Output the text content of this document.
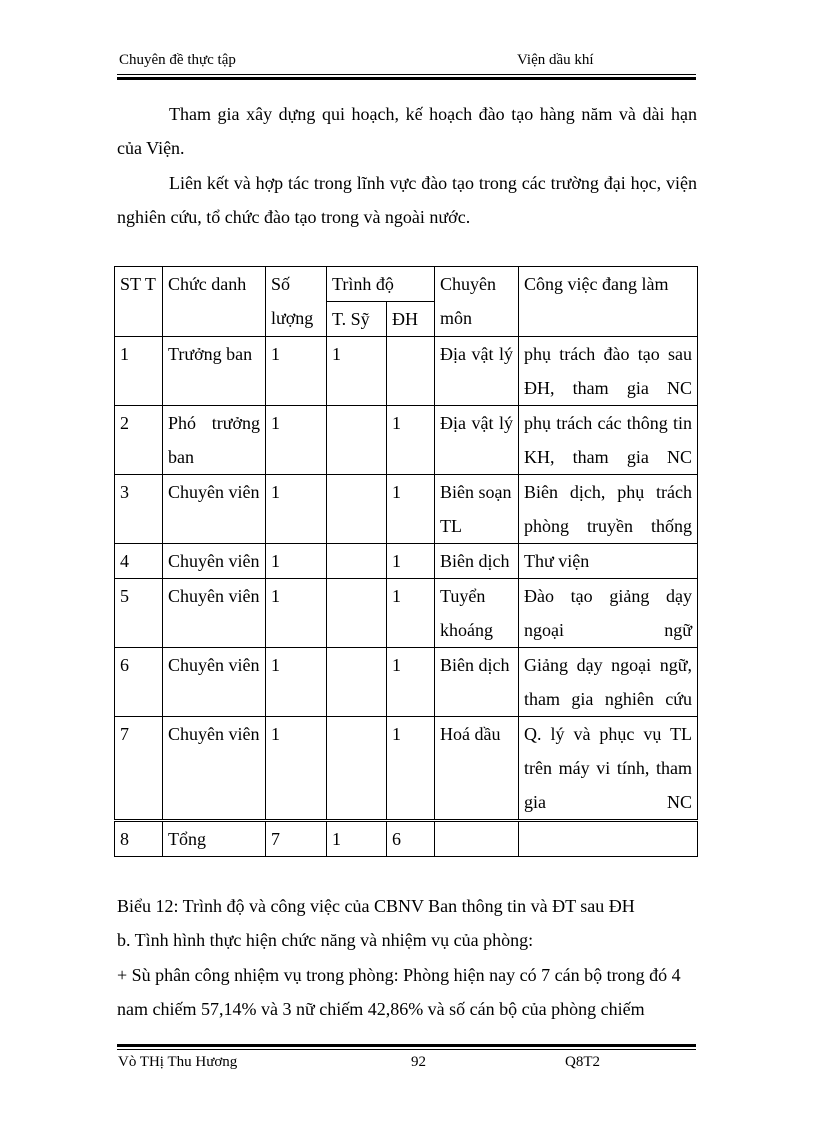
Chuyên đề thực tập	Viện dầu khí
Tham gia xây dựng qui hoạch, kế hoạch đào tạo hàng năm và dài hạn của Viện.
Liên kết và hợp tác trong lĩnh vực đào tạo trong các trường đại học, viện nghiên cứu, tổ chức đào tạo trong và ngoài nước.
ST T	Chức danh	Số lượng	Trình độ		Chuyên môn	Công việc đang làm
			T. Sỹ	ĐH		
1	Trưởng ban	1	1		Địa vật lý	phụ trách đào tạo sau ĐH, tham gia NC
2	Phó trưởng ban	1		1	Địa vật lý	phụ trách các thông tin KH, tham gia NC
3	Chuyên viên	1		1	Biên soạn TL	Biên dịch, phụ trách phòng truyền thống
4	Chuyên viên	1		1	Biên dịch	Thư viện
5	Chuyên viên	1		1	Tuyển khoáng	Đào tạo giảng dạy ngoại ngữ
6	Chuyên viên	1		1	Biên dịch	Giảng dạy ngoại ngữ, tham gia nghiên cứu
7	Chuyên viên	1		1	Hoá dầu	Q. lý và phục vụ TL trên máy vi tính, tham gia NC
8	Tổng	7	1	6		
Biểu 12: Trình độ và công việc của CBNV Ban thông tin và ĐT sau ĐH
b. Tình hình thực hiện chức năng và nhiệm vụ của phòng:
+ Sù phân công nhiệm vụ trong phòng: Phòng hiện nay có 7 cán bộ trong đó 4 nam chiếm 57,14% và 3 nữ chiếm 42,86% và số cán bộ của phòng chiếm
Vò THị Thu Hương	92	Q8T2
